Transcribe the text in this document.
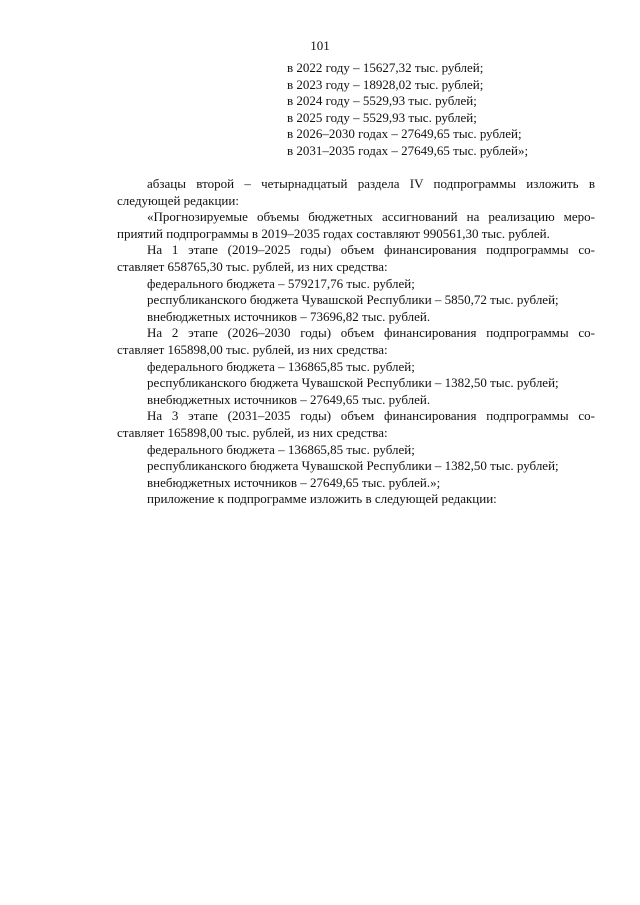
101
в 2022 году – 15627,32 тыс. рублей;
в 2023 году – 18928,02 тыс. рублей;
в 2024 году – 5529,93 тыс. рублей;
в 2025 году – 5529,93 тыс. рублей;
в 2026–2030 годах – 27649,65 тыс. рублей;
в 2031–2035 годах – 27649,65 тыс. рублей»;
абзацы второй – четырнадцатый раздела IV подпрограммы изложить в
следующей редакции:
«Прогнозируемые объемы бюджетных ассигнований на реализацию меро-
приятий подпрограммы в 2019–2035 годах составляют 990561,30 тыс. рублей.
На 1 этапе (2019–2025 годы) объем финансирования подпрограммы со-
ставляет 658765,30 тыс. рублей, из них средства:
федерального бюджета – 579217,76 тыс. рублей;
республиканского бюджета Чувашской Республики – 5850,72 тыс. рублей;
внебюджетных источников – 73696,82 тыс. рублей.
На 2 этапе (2026–2030 годы) объем финансирования подпрограммы со-
ставляет 165898,00 тыс. рублей, из них средства:
федерального бюджета – 136865,85 тыс. рублей;
республиканского бюджета Чувашской Республики – 1382,50 тыс. рублей;
внебюджетных источников – 27649,65 тыс. рублей.
На 3 этапе (2031–2035 годы) объем финансирования подпрограммы со-
ставляет 165898,00 тыс. рублей, из них средства:
федерального бюджета – 136865,85 тыс. рублей;
республиканского бюджета Чувашской Республики – 1382,50 тыс. рублей;
внебюджетных источников – 27649,65 тыс. рублей.»;
приложение к подпрограмме изложить в следующей редакции:
